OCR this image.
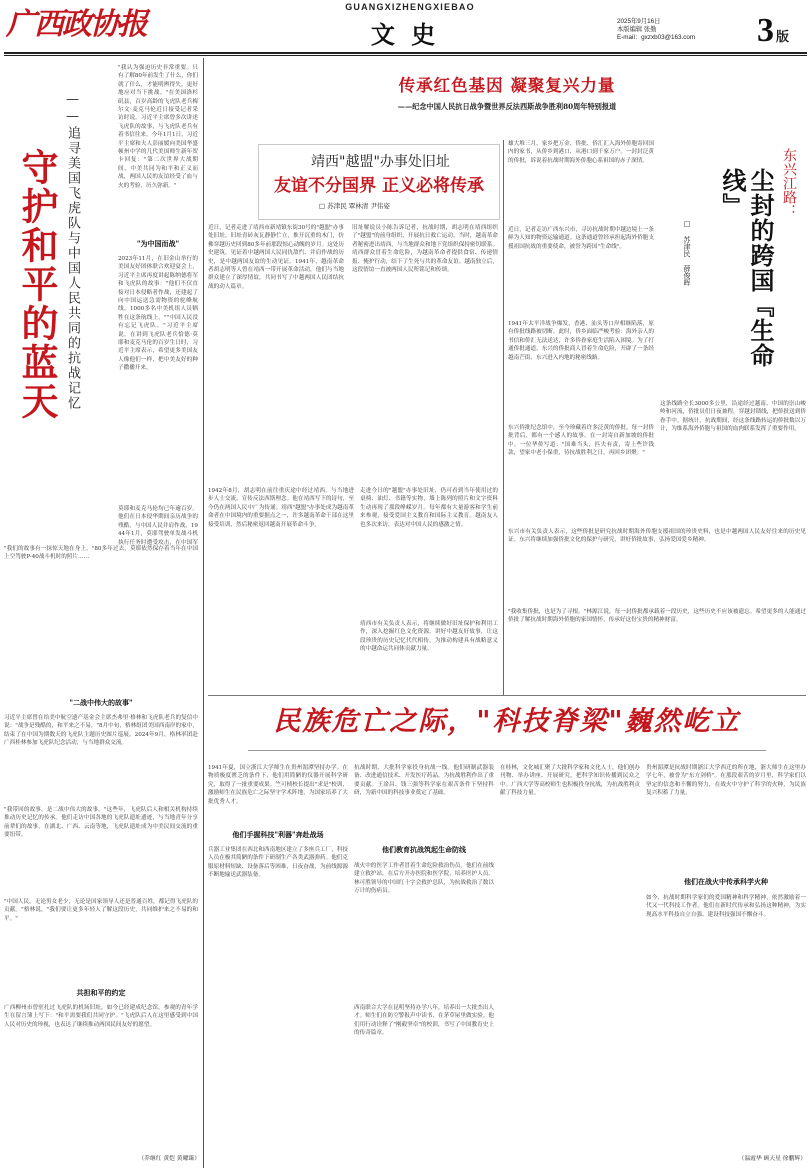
广西政协报	GUANGXIZHENGXIEBAO
文 史	2025年9月16日
本版编辑 张勤
E-mail：gxzxb03@163.com	3 版
守护和平的蓝天 ——追寻美国飞虎队与中国人民共同的抗战记忆
"我认为强迫历史非常重要。只有了解80年前发生了什么，你们就了什么，才能明辨得失，更好地应对当下挑战。"在美国洛杉矶县，百岁高龄的飞虎队老兵梅尔文·麦克马伦近日接受记者采访时说。习近平主席曾多次讲述飞虎队的故事，与飞虎队老兵有着书信往来。今年1月1日，习近平主席和夫人彭丽媛向美国华盛顿州中学的几代美国师生新年贺卡回复："第二次世界大战期间，中美共同为和平和正义而战，两国人民的友谊经受了血与火的考验，历久弥新。"
"为中国而战"
2023年11月，在旧金山举行的美国友好团体联合欢迎宴会上，习近平主席再度讲起陈纳德将军和飞虎队的故事："他们不仅直接对日本侵略者作战，还建起了向中国运送急需物资的驼峰航线，1000多名中美机组人员牺牲在这条航线上。""中国人民没有忘记飞虎队。"习近平主席说。在讲到飞虎队老兵恰德·莫耶和麦克马伦的百岁生日时，习近平主席表示，希望更多美国友人像他们一样，把中美友好的种子撒播开来。
莫耶和麦克马伦均已年逾百岁。他们在日本侵华期间亲历战争的残酷，与中国人民并肩作战。1944年1月，莫耶驾驶单发战斗机执行任务时遭受攻击，在中国军
"我们的故事有一抹惊天地在身上。"80多年过去，莫耶依然保存着当年在中国上空驾驶P-40战斗机时的照片……
"二战中伟大的故事"
习近平主席曾在给美中航空遗产基金会主席杰弗里·格林和飞虎队老兵的复信中说："战争是残酷的，和平来之不易。"8月中旬，格林组团美国西南岸的家中，结束了在中国为期数天的飞虎队主题历史图片巡展。2024年9月，格林率团赴广西桂林参加飞虎队纪念活动，与当地群众交流。
"我带回的故事，是二战中伟大的故事。"这些年，飞虎队后人和相关机构持续推动历史记忆的传承。他们走访中国各地的飞虎队遗址遗迹，与当地青年分享前辈们的故事。在湖北、广西、云南等地，飞虎队遗址成为中美民间交流的重要纽带。
"中国人民，无论男女老少，无论是国家领导人还是普通百姓，都记得飞虎队的贡献。"格林说，"我们要让更多年轻人了解这段历史，共同维护来之不易的和平。"
共担和平的约定
广西柳州市曾驻扎过飞虎队的机场旧址，如今已经建成纪念馆。参观的青年学生在留言簿上写下："和平需要我们共同守护。"飞虎队后人在这里感受到中国人民对历史的珍视，也表达了继续推动两国民间友好的愿望。
（乔继红 黄恺 黄曜臻）
传承红色基因 凝聚复兴力量
——纪念中国人民抗日战争暨世界反法西斯战争胜利80周年特别报道
靖西"越盟"办事处旧址
友谊不分国界 正义必将传承
□ 苏津民 覃林清 尹伟姿
近日，记者走进了靖西市新靖镇东街30号的"越盟"办事处旧址。旧址青砖灰瓦静静伫立，推开沉重的木门，仿佛穿越历史回到80多年前那段惊心动魄的岁月。这处历史建筑，见证着中越两国人民同仇敌忾、并肩作战的历史，是中越两国友谊的生动见证。1941年，越南革命者胡志明等人曾在靖西一带开展革命活动，他们与当地群众建立了深厚情谊，共同书写了中越两国人民团结抗战的动人篇章。
旧址解说员小陈告诉记者，抗战时期，胡志明在靖西组织了"越盟"的前身组织，开展抗日救亡运动。当时，越南革命者秘密进出靖西，与当地群众和地下党组织保持密切联系。靖西群众冒着生命危险，为越南革命者提供食宿、传递情报、掩护行动，结下了生死与共的革命友谊。越南独立后，这段情谊一直被两国人民所铭记和传颂。
1942年8月，胡志明在前往重庆途中经过靖西，与当地进步人士交流，宣传反法西斯理念。他在靖西写下的诗句，至今仍在两国人民中广为传诵。靖西"越盟"办事处成为越南革命者在中国境内的重要据点之一，许多越南革命干部在这里接受培训，然后秘密返回越南开展革命斗争。
走进今日的"越盟"办事处旧址，仍可看到当年使用过的桌椅、油灯、书籍等实物，墙上陈列的照片和文字资料生动再现了那段峥嵘岁月。每年都有大量游客和学生前来参观，接受爱国主义教育和国际主义教育。越南友人也多次来访，表达对中国人民的感激之情。
靖西市有关负责人表示，将继续做好旧址保护和利用工作，深入挖掘红色文化资源，讲好中越友好故事，让这段珍贵的历史记忆代代相传，为推动构建具有战略意义的中越命运共同体贡献力量。
雄大堆三月，家乡把万金、侨批、侨汇汇入海外侨胞寄回国内的家书，从侨乡到港口，从港口到千家万户。一封封泛黄的侨批，诉说着抗战时期海外侨胞心系祖国的赤子深情。
近日，记者走访广西东兴市，寻访抗战时期中越边境上一条鲜为人知的物资运输通道。这条通道曾经承担起海外侨胞支援祖国抗战的重要使命，被誉为跨国"生命线"。
东兴江路：
尘封的跨国『生命线』
□ 苏津民 薛俊晖
1941年太平洋战争爆发，香港、汕头等口岸相继陷落，原有侨批线路被切断。此时，侨乡面临严峻考验：海外亲人的书信和侨汇无法送达，许多侨眷家庭生活陷入困境。为了打通侨批通道，东兴的侨批商人冒着生命危险，开辟了一条经越南芒街、东兴进入内地的秘密线路。
这条线路全长3000多公里，沿途经过越南、中国的崇山峻岭和河流，侨批员们日夜兼程，穿越封锁线，把侨批送到侨眷手中。据统计，抗战期间，经这条线路转运的侨批数以万计，为维系海外侨胞与祖国的血肉联系发挥了重要作用。
东兴侨批纪念馆中，至今珍藏着许多泛黄的侨批。每一封侨批背后，都有一个感人的故事。在一封寄自新加坡的侨批中，一位华侨写道："国难当头，匹夫有责，寄上些许钱款，望家中老小保重，待抗战胜利之日，再回乡团聚。"
东兴市有关负责人表示，这些侨批是研究抗战时期海外侨胞支援祖国的珍贵史料，也是中越两国人民友好往来的历史见证。东兴将继续加强侨批文化的保护与研究，讲好侨批故事，弘扬爱国爱乡精神。
"我收集侨批，也是为了寻根。"林源江说，每一封侨批都承载着一段历史，这些历史不应该被遗忘。希望更多的人能通过侨批了解抗战时期海外侨胞的家国情怀，传承好这份宝贵的精神财富。
民族危亡之际，"科技脊梁"巍然屹立
1941年夏，国立浙江大学师生在贵州湄潭坚持办学。在物质极度匮乏的条件下，他们用简陋的仪器开展科学研究，取得了一批重要成果。竺可桢校长提出"求是"校训，激励师生在民族危亡之际坚守学术阵地，为国家培养了大批优秀人才。
抗战时期，大批科学家投身抗战一线。他们研制武器装备、改进通信技术、开发医疗药品，为抗战胜利作出了重要贡献。王淦昌、钱三强等科学家在艰苦条件下坚持科研，为新中国的科技事业奠定了基础。
他们手握科技"利器"奔赴战场
兵器工业集团在西北和西南地区建立了多座兵工厂，科技人员在极其简陋的条件下研制生产各类武器弹药。他们克服原材料短缺、设备落后等困难，日夜奋战，为前线源源不断地输送武器装备。
他们教育抗战筑起生命防线
战火中的医学工作者冒着生命危险救治伤员。他们在前线建立救护站，在后方开办医院和医学院，培养医护人员。林可胜领导的中国红十字会救护总队，为抗战救治了数以万计的伤病员。
西南联合大学在昆明坚持办学八年，培养出一大批杰出人才。师生们在防空警报声中读书，在茅草屋里做实验。他们用行动诠释了"刚毅坚卓"的校训，书写了中国教育史上的传奇篇章。
在桂林，文化城汇聚了大批科学家和文化人士，他们创办刊物、举办讲座、开展研究，把科学知识传播到民众之中。广西大学等高校师生也积极投身抗战，为抗战胜利贡献了科技力量。
贵州湄潭是抗战时期浙江大学西迁的所在地，浙大师生在这里办学七年，被誉为"东方剑桥"。在那段艰苦的岁月里，科学家们以坚定的信念和不懈的努力，在战火中守护了科学的火种，为民族复兴积蓄了力量。
他们在战火中传承科学火种
如今，抗战时期科学家们的爱国精神和科学精神，依然激励着一代又一代科技工作者。他们在新时代传承和弘扬这种精神，为实现高水平科技自立自强、建设科技强国不懈奋斗。
（温霞华 顾天星 徐鹏辉）
